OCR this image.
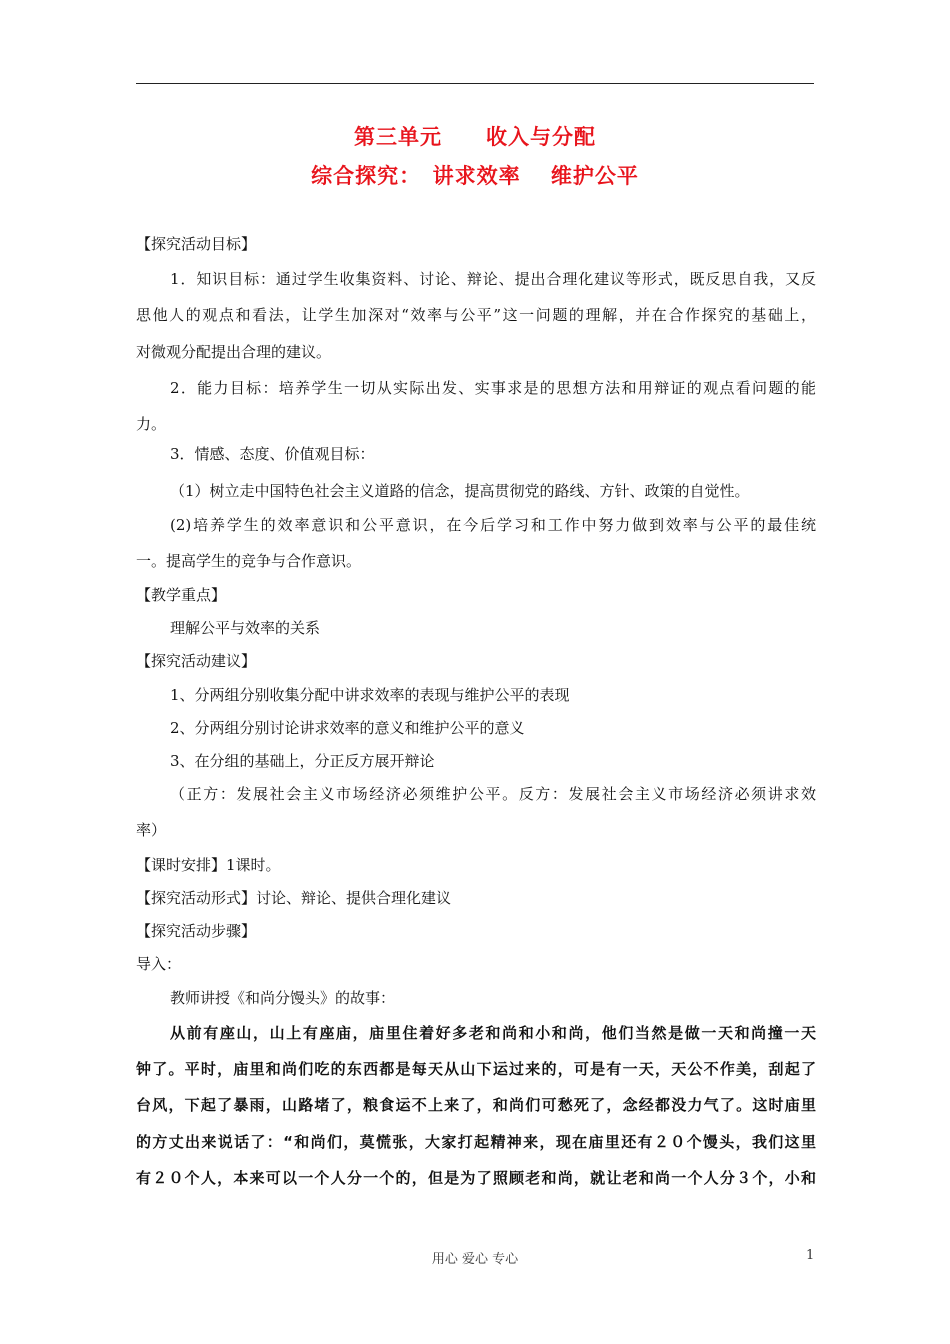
第三单元　　收入与分配
综合探究：　讲求效率　 维护公平
【探究活动目标】
1．知识目标：通过学生收集资料、讨论、辩论、提出合理化建议等形式，既反思自我，又反
思他人的观点和看法，让学生加深对“效率与公平”这一问题的理解，并在合作探究的基础上，
对微观分配提出合理的建议。
2．能力目标：培养学生一切从实际出发、实事求是的思想方法和用辩证的观点看问题的能
力。
3．情感、态度、价值观目标：
（1）树立走中国特色社会主义道路的信念，提高贯彻党的路线、方针、政策的自觉性。
(2)培养学生的效率意识和公平意识，在今后学习和工作中努力做到效率与公平的最佳统
一。提高学生的竞争与合作意识。
【教学重点】
理解公平与效率的关系
【探究活动建议】
1、分两组分别收集分配中讲求效率的表现与维护公平的表现
2、分两组分别讨论讲求效率的意义和维护公平的意义
3、在分组的基础上，分正反方展开辩论
（正方：发展社会主义市场经济必须维护公平。反方：发展社会主义市场经济必须讲求效
率）
【课时安排】1课时。
【探究活动形式】讨论、辩论、提供合理化建议
【探究活动步骤】
导入：
教师讲授《和尚分馒头》的故事：
从前有座山，山上有座庙，庙里住着好多老和尚和小和尚，他们当然是做一天和尚撞一天
钟了。平时，庙里和尚们吃的东西都是每天从山下运过来的，可是有一天，天公不作美，刮起了
台风，下起了暴雨，山路堵了，粮食运不上来了，和尚们可愁死了，念经都没力气了。这时庙里
的方丈出来说话了：“和尚们，莫慌张，大家打起精神来，现在庙里还有２０个馒头，我们这里
有２０个人，本来可以一个人分一个的，但是为了照顾老和尚，就让老和尚一个人分３个，小和
用心 爱心 专心	1
